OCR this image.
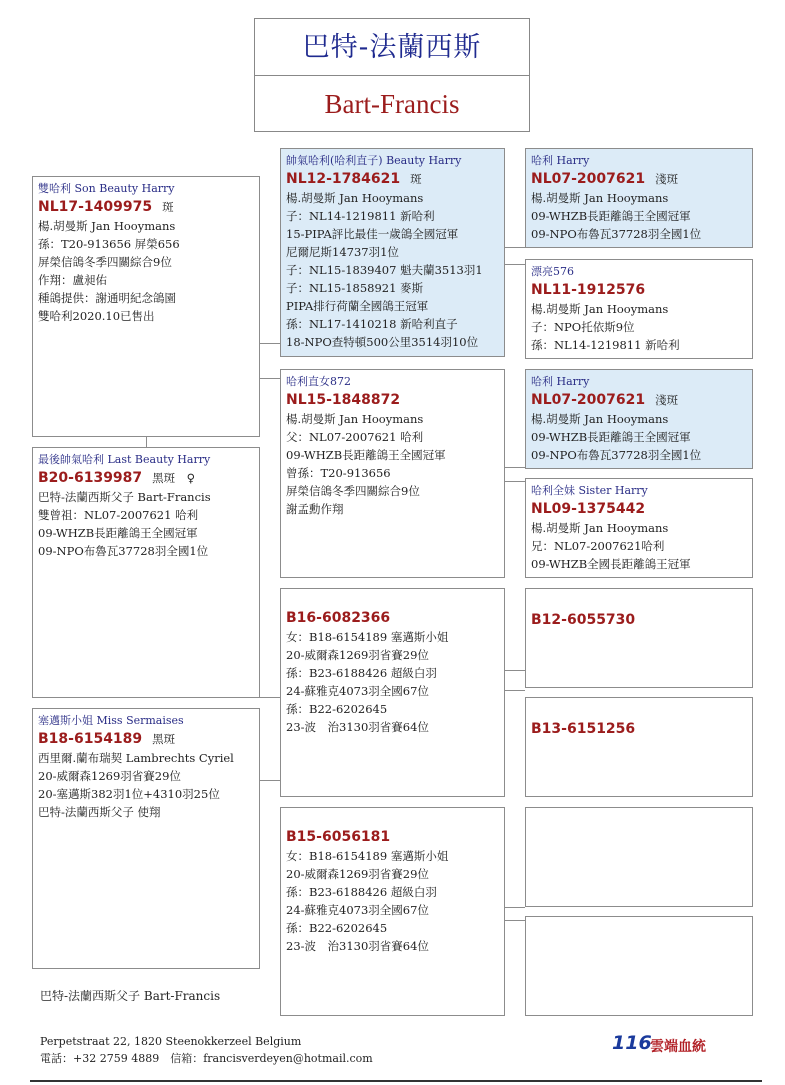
巴特-法蘭西斯
Bart-Francis
雙哈利 Son Beauty Harry
NL17-1409975 斑
楊.胡曼斯 Jan Hooymans
孫：T20-913656 屏榮656
屏榮信鴿冬季四關綜合9位
作翔：盧昶佑
種鴿提供：謝通明紀念鴿園
雙哈利2020.10已售出
最後帥氣哈利 Last Beauty Harry
B20-6139987 黑斑　♀
巴特-法蘭西斯父子 Bart-Francis
雙曾祖：NL07-2007621 哈利
09-WHZB長距離鴿王全國冠軍
09-NPO布魯瓦37728羽全國1位
塞邁斯小姐 Miss Sermaises
B18-6154189 黑斑
西里爾.蘭布瑞契 Lambrechts Cyriel
20-威爾森1269羽省賽29位
20-塞邁斯382羽1位+4310羽25位
巴特-法蘭西斯父子 使翔
帥氣哈利(哈利直子) Beauty Harry
NL12-1784621 斑
楊.胡曼斯 Jan Hooymans
子：NL14-1219811 新哈利
15-PIPA評比最佳一歲鴿全國冠軍
尼爾尼斯14737羽1位
子：NL15-1839407 魁夫蘭3513羽1
子：NL15-1858921 麥斯
PIPA排行荷蘭全國鴿王冠軍
孫：NL17-1410218 新哈利直子
18-NPO查特頓500公里3514羽10位
哈利直女872
NL15-1848872
楊.胡曼斯 Jan Hooymans
父：NL07-2007621 哈利
09-WHZB長距離鴿王全國冠軍
曾孫：T20-913656
屏榮信鴿冬季四關綜合9位
謝孟勳作翔
B16-6082366
女：B18-6154189 塞邁斯小姐
20-威爾森1269羽省賽29位
孫：B23-6188426 超級白羽
24-蘇雅克4073羽全國67位
孫：B22-6202645
23-波　治3130羽省賽64位
B15-6056181
女：B18-6154189 塞邁斯小姐
20-威爾森1269羽省賽29位
孫：B23-6188426 超級白羽
24-蘇雅克4073羽全國67位
孫：B22-6202645
23-波　治3130羽省賽64位
哈利 Harry
NL07-2007621 淺斑
楊.胡曼斯 Jan Hooymans
09-WHZB長距離鴿王全國冠軍
09-NPO布魯瓦37728羽全國1位
漂亮576
NL11-1912576
楊.胡曼斯 Jan Hooymans
子：NPO托依斯9位
孫：NL14-1219811 新哈利
哈利 Harry
NL07-2007621 淺斑
楊.胡曼斯 Jan Hooymans
09-WHZB長距離鴿王全國冠軍
09-NPO布魯瓦37728羽全國1位
哈利全妹 Sister Harry
NL09-1375442
楊.胡曼斯 Jan Hooymans
兄：NL07-2007621哈利
09-WHZB全國長距離鴿王冠軍
B12-6055730
B13-6151256
巴特-法蘭西斯父子 Bart-Francis
Perpetstraat 22, 1820 Steenokkerzeel Belgium
電話：+32 2759 4889　信箱：francisverdeyen@hotmail.com
116
雲端血統
